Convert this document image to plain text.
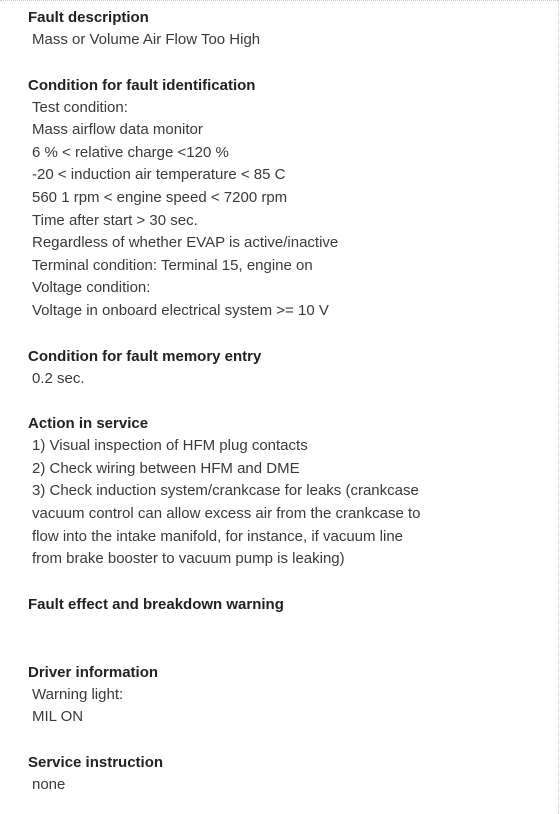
Fault description
Mass or Volume Air Flow Too High
Condition for fault identification
Test condition:
Mass airflow data monitor
6 % < relative charge <120 %
-20 < induction air temperature < 85 C
560 1 rpm < engine speed < 7200 rpm
Time after start > 30 sec.
Regardless of whether EVAP is active/inactive
Terminal condition: Terminal 15, engine on
Voltage condition:
Voltage in onboard electrical system >= 10 V
Condition for fault memory entry
0.2 sec.
Action in service
1) Visual inspection of HFM plug contacts
2) Check wiring between HFM and DME
3) Check induction system/crankcase for leaks (crankcase
vacuum control can allow excess air from the crankcase to
flow into the intake manifold, for instance, if vacuum line
from brake booster to vacuum pump is leaking)
Fault effect and breakdown warning
Driver information
Warning light:
MIL ON
Service instruction
none
